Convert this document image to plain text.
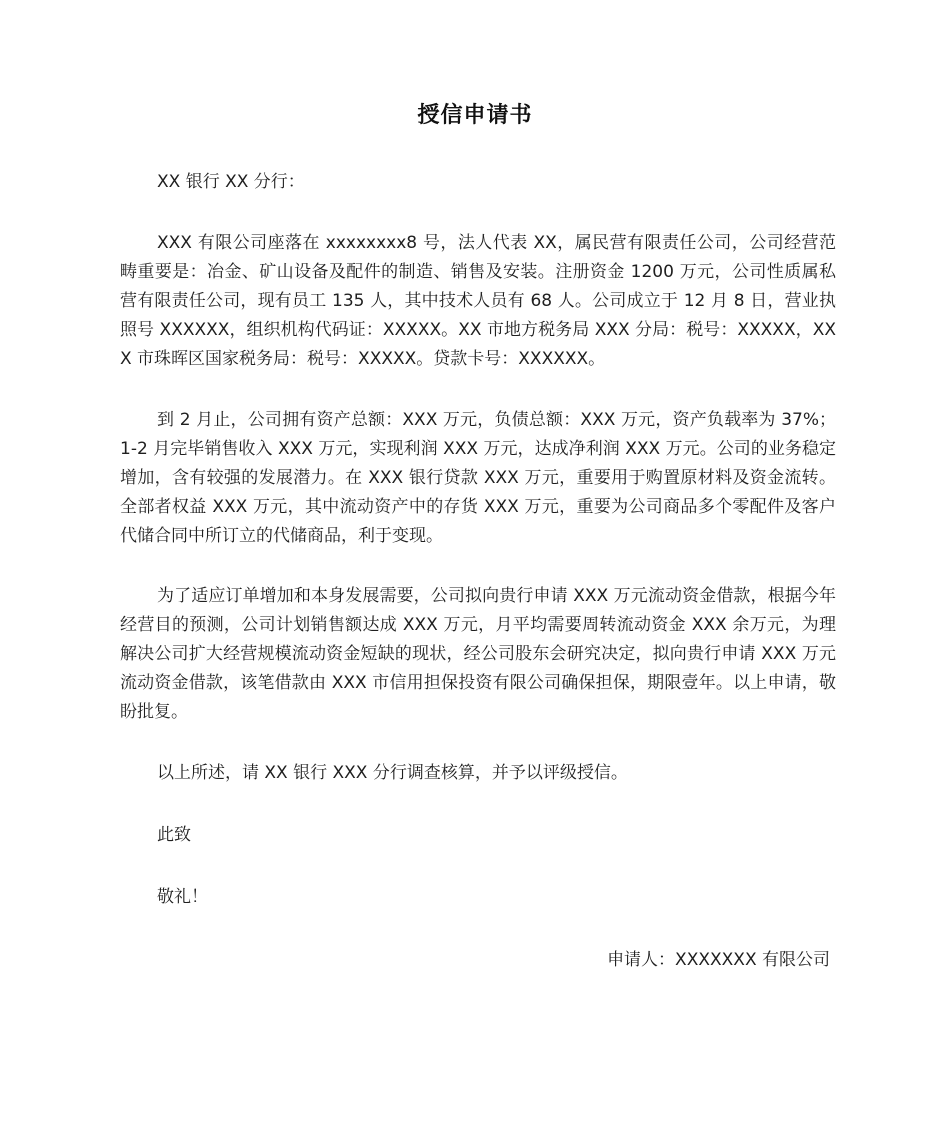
授信申请书
XX 银行 XX 分行：
XXX 有限公司座落在 xxxxxxxx8 号，法人代表 XX，属民营有限责任公司，公司经营范畴重要是：冶金、矿山设备及配件的制造、销售及安装。注册资金 1200 万元，公司性质属私营有限责任公司，现有员工 135 人，其中技术人员有 68 人。公司成立于 12 月 8 日，营业执照号 XXXXXX，组织机构代码证：XXXXX。XX 市地方税务局 XXX 分局：税号：XXXXX，XXX 市珠晖区国家税务局：税号：XXXXX。贷款卡号：XXXXXX。
到 2 月止，公司拥有资产总额：XXX 万元，负债总额：XXX 万元，资产负载率为 37%；1-2 月完毕销售收入 XXX 万元，实现利润 XXX 万元，达成净利润 XXX 万元。公司的业务稳定增加，含有较强的发展潜力。在 XXX 银行贷款 XXX 万元，重要用于购置原材料及资金流转。全部者权益 XXX 万元，其中流动资产中的存货 XXX 万元，重要为公司商品多个零配件及客户代储合同中所订立的代储商品，利于变现。
为了适应订单增加和本身发展需要，公司拟向贵行申请 XXX 万元流动资金借款，根据今年经营目的预测，公司计划销售额达成 XXX 万元，月平均需要周转流动资金 XXX 余万元，为理解决公司扩大经营规模流动资金短缺的现状，经公司股东会研究决定，拟向贵行申请 XXX 万元流动资金借款，该笔借款由 XXX 市信用担保投资有限公司确保担保，期限壹年。以上申请，敬盼批复。
以上所述，请 XX 银行 XXX 分行调查核算，并予以评级授信。
此致
敬礼！
申请人：XXXXXXX 有限公司
